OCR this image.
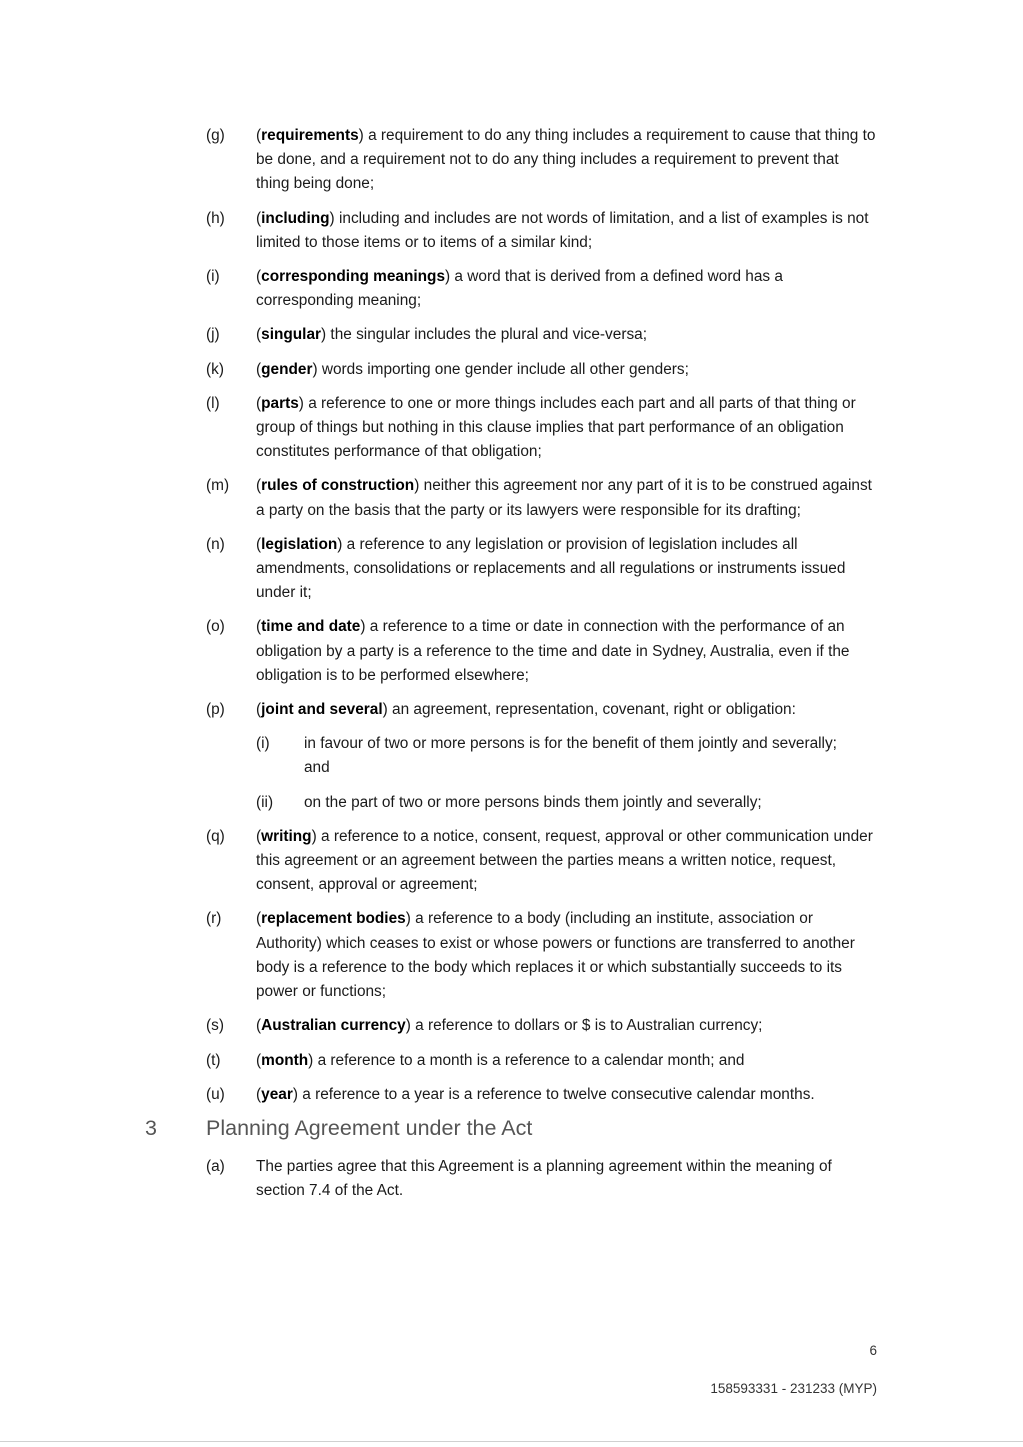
(g)	(requirements) a requirement to do any thing includes a requirement to cause that thing to be done, and a requirement not to do any thing includes a requirement to prevent that thing being done;
(h)	(including) including and includes are not words of limitation, and a list of examples is not limited to those items or to items of a similar kind;
(i)	(corresponding meanings) a word that is derived from a defined word has a corresponding meaning;
(j)	(singular) the singular includes the plural and vice-versa;
(k)	(gender) words importing one gender include all other genders;
(l)	(parts) a reference to one or more things includes each part and all parts of that thing or group of things but nothing in this clause implies that part performance of an obligation constitutes performance of that obligation;
(m)	(rules of construction) neither this agreement nor any part of it is to be construed against a party on the basis that the party or its lawyers were responsible for its drafting;
(n)	(legislation) a reference to any legislation or provision of legislation includes all amendments, consolidations or replacements and all regulations or instruments issued under it;
(o)	(time and date) a reference to a time or date in connection with the performance of an obligation by a party is a reference to the time and date in Sydney, Australia, even if the obligation is to be performed elsewhere;
(p)	(joint and several) an agreement, representation, covenant, right or obligation:
(i)	in favour of two or more persons is for the benefit of them jointly and severally; and
(ii)	on the part of two or more persons binds them jointly and severally;
(q)	(writing) a reference to a notice, consent, request, approval or other communication under this agreement or an agreement between the parties means a written notice, request, consent, approval or agreement;
(r)	(replacement bodies) a reference to a body (including an institute, association or Authority) which ceases to exist or whose powers or functions are transferred to another body is a reference to the body which replaces it or which substantially succeeds to its power or functions;
(s)	(Australian currency) a reference to dollars or $ is to Australian currency;
(t)	(month) a reference to a month is a reference to a calendar month; and
(u)	(year) a reference to a year is a reference to twelve consecutive calendar months.
3 Planning Agreement under the Act
(a)	The parties agree that this Agreement is a planning agreement within the meaning of section 7.4 of the Act.
6
158593331 - 231233 (MYP)
